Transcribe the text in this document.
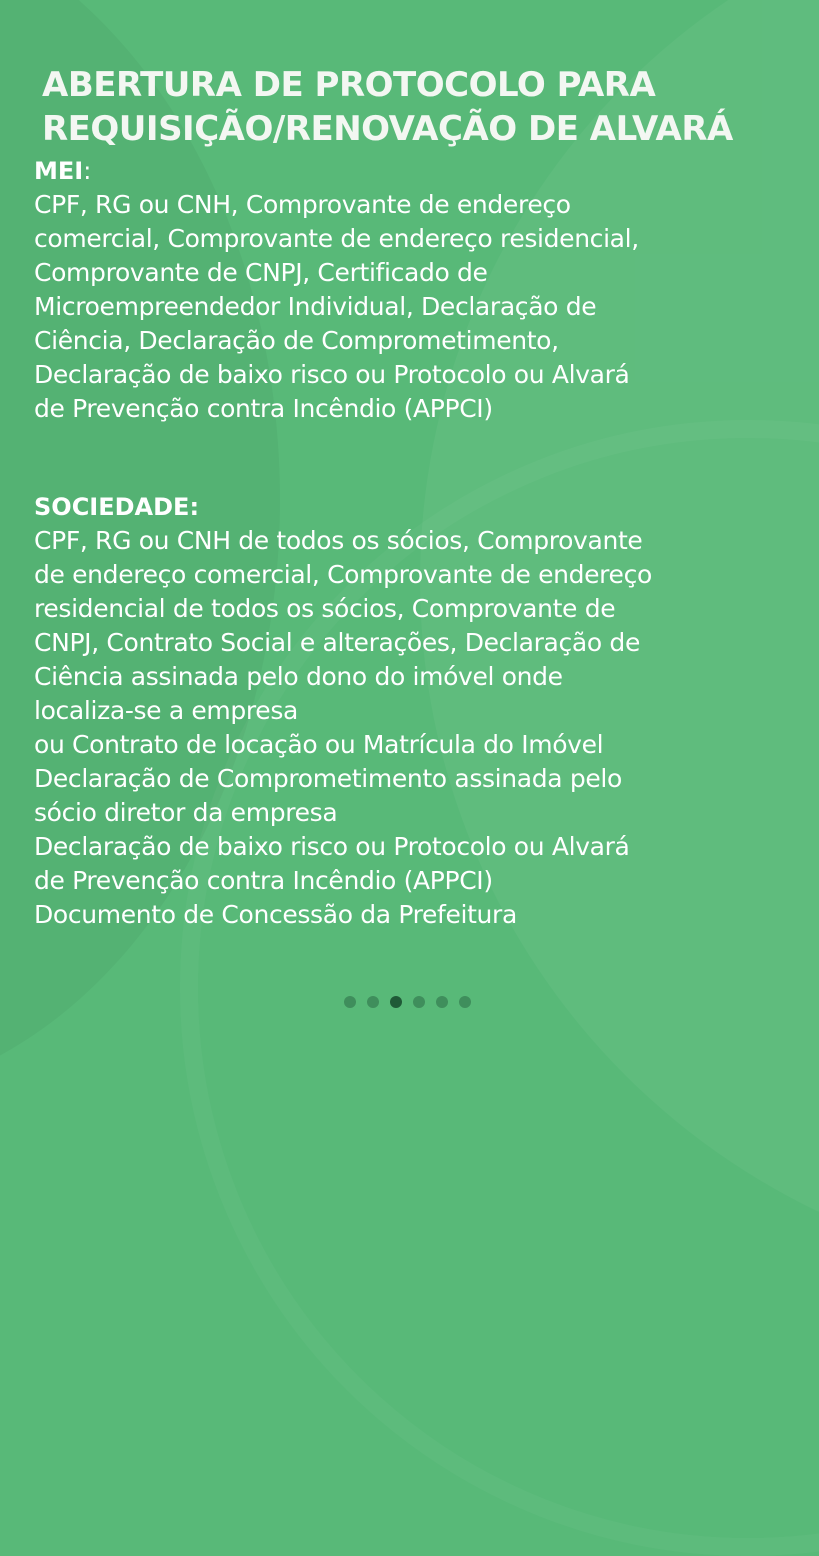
ABERTURA DE PROTOCOLO PARA
REQUISIÇÃO/RENOVAÇÃO DE ALVARÁ
MEI:
CPF, RG ou CNH, Comprovante de endereço
comercial, Comprovante de endereço residencial,
Comprovante de CNPJ, Certificado de
Microempreendedor Individual, Declaração de
Ciência, Declaração de Comprometimento,
Declaração de baixo risco ou Protocolo ou Alvará
de Prevenção contra Incêndio (APPCI)
SOCIEDADE:
CPF, RG ou CNH de todos os sócios, Comprovante
de endereço comercial, Comprovante de endereço
residencial de todos os sócios, Comprovante de
CNPJ, Contrato Social e alterações, Declaração de
Ciência assinada pelo dono do imóvel onde
localiza-se a empresa
ou Contrato de locação ou Matrícula do Imóvel
Declaração de Comprometimento assinada pelo
sócio diretor da empresa
Declaração de baixo risco ou Protocolo ou Alvará
de Prevenção contra Incêndio (APPCI)
Documento de Concessão da Prefeitura
